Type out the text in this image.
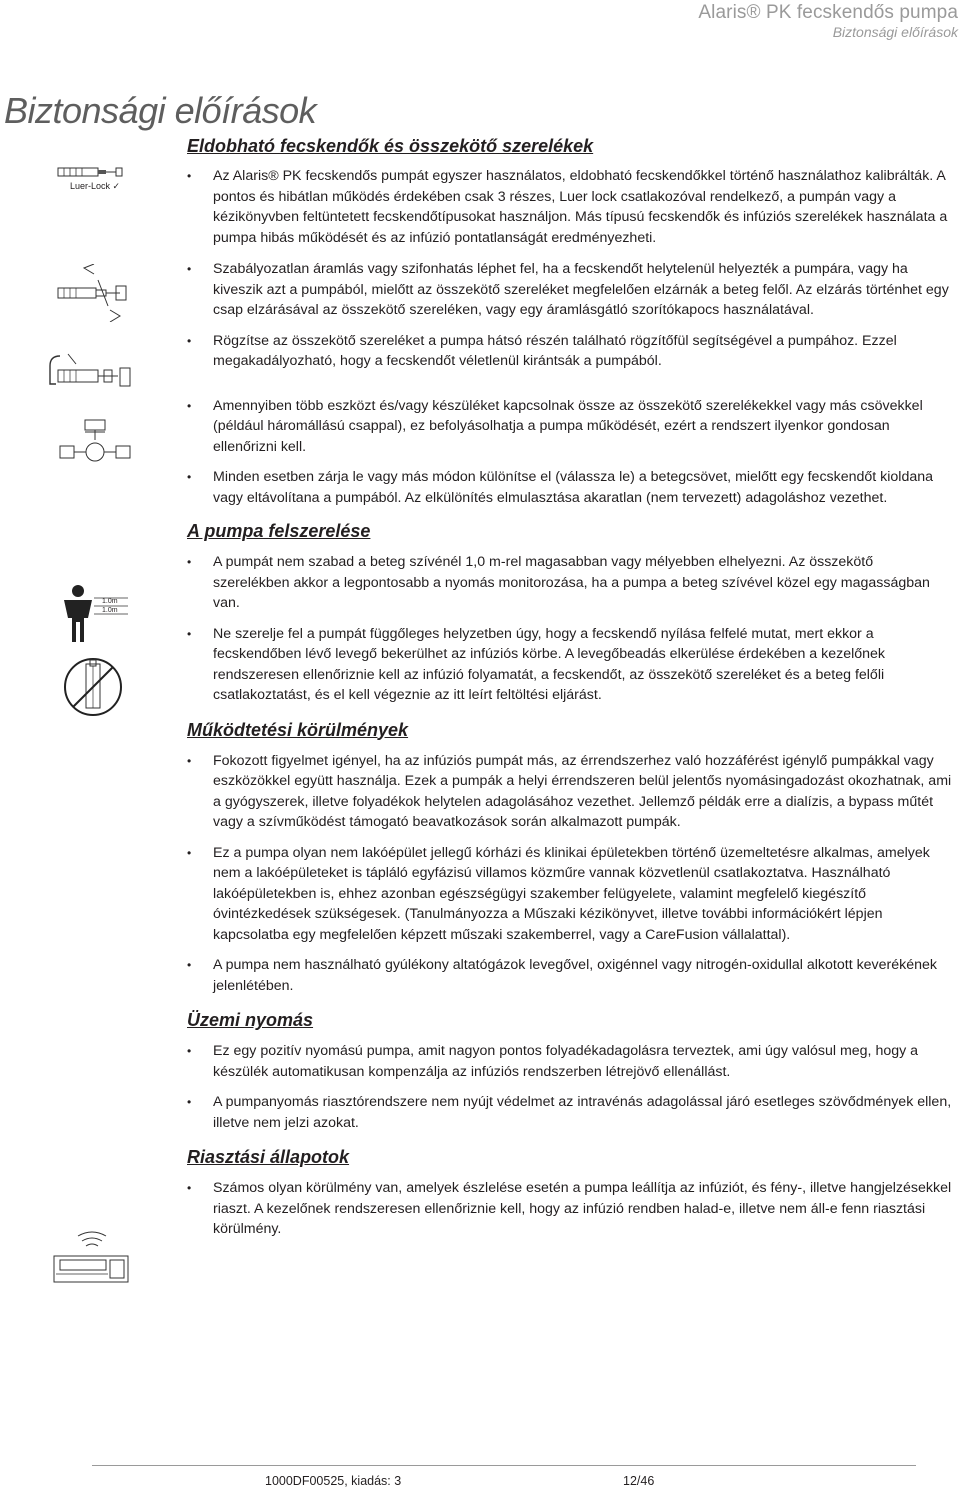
Alaris® PK fecskendős pumpa
Biztonsági előírások
Biztonsági előírások
Luer-Lock ✓
1.0m
1.0m
Eldobható fecskendők és összekötő szerelékek
• Az Alaris® PK fecskendős pumpát egyszer használatos, eldobható fecskendőkkel történő használathoz kalibrálták. A pontos és hibátlan működés érdekében csak 3 részes, Luer lock csatlakozóval rendelkező, a pumpán vagy a kézikönyvben feltüntetett fecskendőtípusokat használjon. Más típusú fecskendők és infúziós szerelékek használata a pumpa hibás működését és az infúzió pontatlanságát eredményezheti.
• Szabályozatlan áramlás vagy szifonhatás léphet fel, ha a fecskendőt helytelenül helyezték a pumpára, vagy ha kiveszik azt a pumpából, mielőtt az összekötő szereléket megfelelően elzárnák a beteg felől. Az elzárás történhet egy csap elzárásával az összekötő szereléken, vagy egy áramlásgátló szorítókapocs használatával.
• Rögzítse az összekötő szereléket a pumpa hátsó részén található rögzítőfül segítségével a pumpához. Ezzel megakadályozható, hogy a fecskendőt véletlenül kirántsák a pumpából.
• Amennyiben több eszközt és/vagy készüléket kapcsolnak össze az összekötő szerelékekkel vagy más csövekkel (például háromállású csappal), ez befolyásolhatja a pumpa működését, ezért a rendszert ilyenkor gondosan ellenőrizni kell.
• Minden esetben zárja le vagy más módon különítse el (válassza le) a betegcsövet, mielőtt egy fecskendőt kioldana vagy eltávolítana a pumpából. Az elkülönítés elmulasztása akaratlan (nem tervezett) adagoláshoz vezethet.
A pumpa felszerelése
• A pumpát nem szabad a beteg szívénél 1,0 m-rel magasabban vagy mélyebben elhelyezni. Az összekötő szerelékben akkor a legpontosabb a nyomás monitorozása, ha a pumpa a beteg szívével közel egy magasságban van.
• Ne szerelje fel a pumpát függőleges helyzetben úgy, hogy a fecskendő nyílása felfelé mutat, mert ekkor a fecskendőben lévő levegő bekerülhet az infúziós körbe. A levegőbeadás elkerülése érdekében a kezelőnek rendszeresen ellenőriznie kell az infúzió folyamatát, a fecskendőt, az összekötő szereléket és a beteg felőli csatlakoztatást, és el kell végeznie az itt leírt feltöltési eljárást.
Működtetési körülmények
• Fokozott figyelmet igényel, ha az infúziós pumpát más, az érrendszerhez való hozzáférést igénylő pumpákkal vagy eszközökkel együtt használja. Ezek a pumpák a helyi érrendszeren belül jelentős nyomásingadozást okozhatnak, ami a gyógyszerek, illetve folyadékok helytelen adagolásához vezethet. Jellemző példák erre a dialízis, a bypass műtét vagy a szívműködést támogató beavatkozások során alkalmazott pumpák.
• Ez a pumpa olyan nem lakóépület jellegű kórházi és klinikai épületekben történő üzemeltetésre alkalmas, amelyek nem a lakóépületeket is tápláló egyfázisú villamos közműre vannak közvetlenül csatlakoztatva. Használható lakóépületekben is, ehhez azonban egészségügyi szakember felügyelete, valamint megfelelő kiegészítő óvintézkedések szükségesek. (Tanulmányozza a Műszaki kézikönyvet, illetve további információkért lépjen kapcsolatba egy megfelelően képzett műszaki szakemberrel, vagy a CareFusion vállalattal).
• A pumpa nem használható gyúlékony altatógázok levegővel, oxigénnel vagy nitrogén-oxidullal alkotott keverékének jelenlétében.
Üzemi nyomás
• Ez egy pozitív nyomású pumpa, amit nagyon pontos folyadékadagolásra terveztek, ami úgy valósul meg, hogy a készülék automatikusan kompenzálja az infúziós rendszerben létrejövő ellenállást.
• A pumpanyomás riasztórendszere nem nyújt védelmet az intravénás adagolással járó esetleges szövődmények ellen, illetve nem jelzi azokat.
Riasztási állapotok
• Számos olyan körülmény van, amelyek észlelése esetén a pumpa leállítja az infúziót, és fény-, illetve hangjelzésekkel riaszt. A kezelőnek rendszeresen ellenőriznie kell, hogy az infúzió rendben halad-e, illetve nem áll-e fenn riasztási körülmény.
1000DF00525, kiadás: 3	12/46
